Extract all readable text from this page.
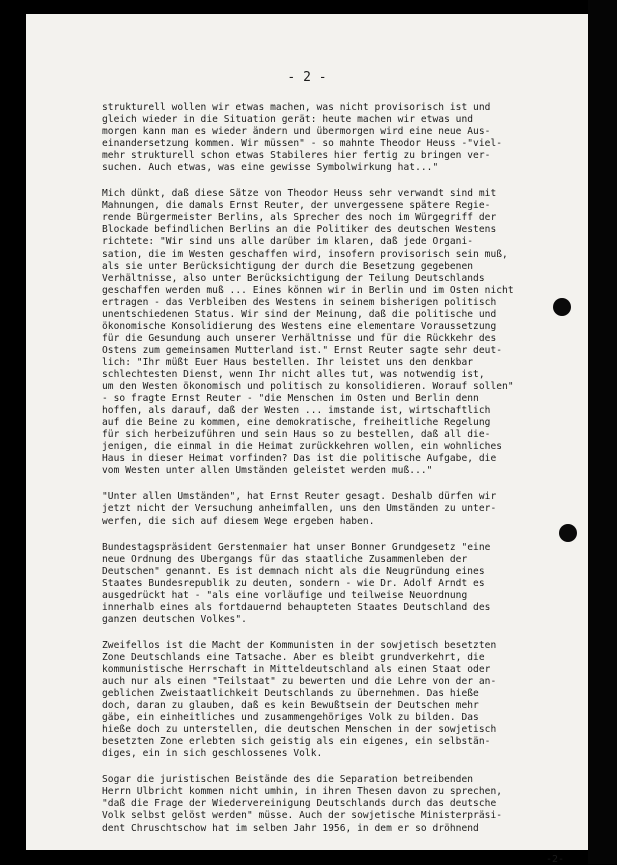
- 2 -
strukturell wollen wir etwas machen, was nicht provisorisch ist und
gleich wieder in die Situation gerät: heute machen wir etwas und
morgen kann man es wieder ändern und übermorgen wird eine neue Aus-
einandersetzung kommen. Wir müssen" - so mahnte Theodor Heuss -"viel-
mehr strukturell schon etwas Stabileres hier fertig zu bringen ver-
suchen. Auch etwas, was eine gewisse Symbolwirkung hat..."
Mich dünkt, daß diese Sätze von Theodor Heuss sehr verwandt sind mit
Mahnungen, die damals Ernst Reuter, der unvergessene spätere Regie-
rende Bürgermeister Berlins, als Sprecher des noch im Würgegriff der
Blockade befindlichen Berlins an die Politiker des deutschen Westens
richtete: "Wir sind uns alle darüber im klaren, daß jede Organi-
sation, die im Westen geschaffen wird, insofern provisorisch sein muß,
als sie unter Berücksichtigung der durch die Besetzung gegebenen
Verhältnisse, also unter Berücksichtigung der Teilung Deutschlands
geschaffen werden muß ... Eines können wir in Berlin und im Osten nicht
ertragen - das Verbleiben des Westens in seinem bisherigen politisch
unentschiedenen Status. Wir sind der Meinung, daß die politische und
ökonomische Konsolidierung des Westens eine elementare Voraussetzung
für die Gesundung auch unserer Verhältnisse und für die Rückkehr des
Ostens zum gemeinsamen Mutterland ist." Ernst Reuter sagte sehr deut-
lich: "Ihr müßt Euer Haus bestellen. Ihr leistet uns den denkbar
schlechtesten Dienst, wenn Ihr nicht alles tut, was notwendig ist,
um den Westen ökonomisch und politisch zu konsolidieren. Worauf sollen"
- so fragte Ernst Reuter - "die Menschen im Osten und Berlin denn
hoffen, als darauf, daß der Westen ... imstande ist, wirtschaftlich
auf die Beine zu kommen, eine demokratische, freiheitliche Regelung
für sich herbeizuführen und sein Haus so zu bestellen, daß all die-
jenigen, die einmal in die Heimat zurückkehren wollen, ein wohnliches
Haus in dieser Heimat vorfinden? Das ist die politische Aufgabe, die
vom Westen unter allen Umständen geleistet werden muß..."
"Unter allen Umständen", hat Ernst Reuter gesagt. Deshalb dürfen wir
jetzt nicht der Versuchung anheimfallen, uns den Umständen zu unter-
werfen, die sich auf diesem Wege ergeben haben.
Bundestagspräsident Gerstenmaier hat unser Bonner Grundgesetz "eine
neue Ordnung des Übergangs für das staatliche Zusammenleben der
Deutschen" genannt. Es ist demnach nicht als die Neugründung eines
Staates Bundesrepublik zu deuten, sondern - wie Dr. Adolf Arndt es
ausgedrückt hat - "als eine vorläufige und teilweise Neuordnung
innerhalb eines als fortdauernd behaupteten Staates Deutschland des
ganzen deutschen Volkes".
Zweifellos ist die Macht der Kommunisten in der sowjetisch besetzten
Zone Deutschlands eine Tatsache. Aber es bleibt grundverkehrt, die
kommunistische Herrschaft in Mitteldeutschland als einen Staat oder
auch nur als einen "Teilstaat" zu bewerten und die Lehre von der an-
geblichen Zweistaatlichkeit Deutschlands zu übernehmen. Das hieße
doch, daran zu glauben, daß es kein Bewußtsein der Deutschen mehr
gäbe, ein einheitliches und zusammengehöriges Volk zu bilden. Das
hieße doch zu unterstellen, die deutschen Menschen in der sowjetisch
besetzten Zone erlebten sich geistig als ein eigenes, ein selbstän-
diges, ein in sich geschlossenes Volk.
Sogar die juristischen Beistände des die Separation betreibenden
Herrn Ulbricht kommen nicht umhin, in ihren Thesen davon zu sprechen,
"daß die Frage der Wiedervereinigung Deutschlands durch das deutsche
Volk selbst gelöst werden" müsse. Auch der sowjetische Ministerpräsi-
dent Chruschtschow hat im selben Jahr 1956, in dem er so dröhnend
-2-
